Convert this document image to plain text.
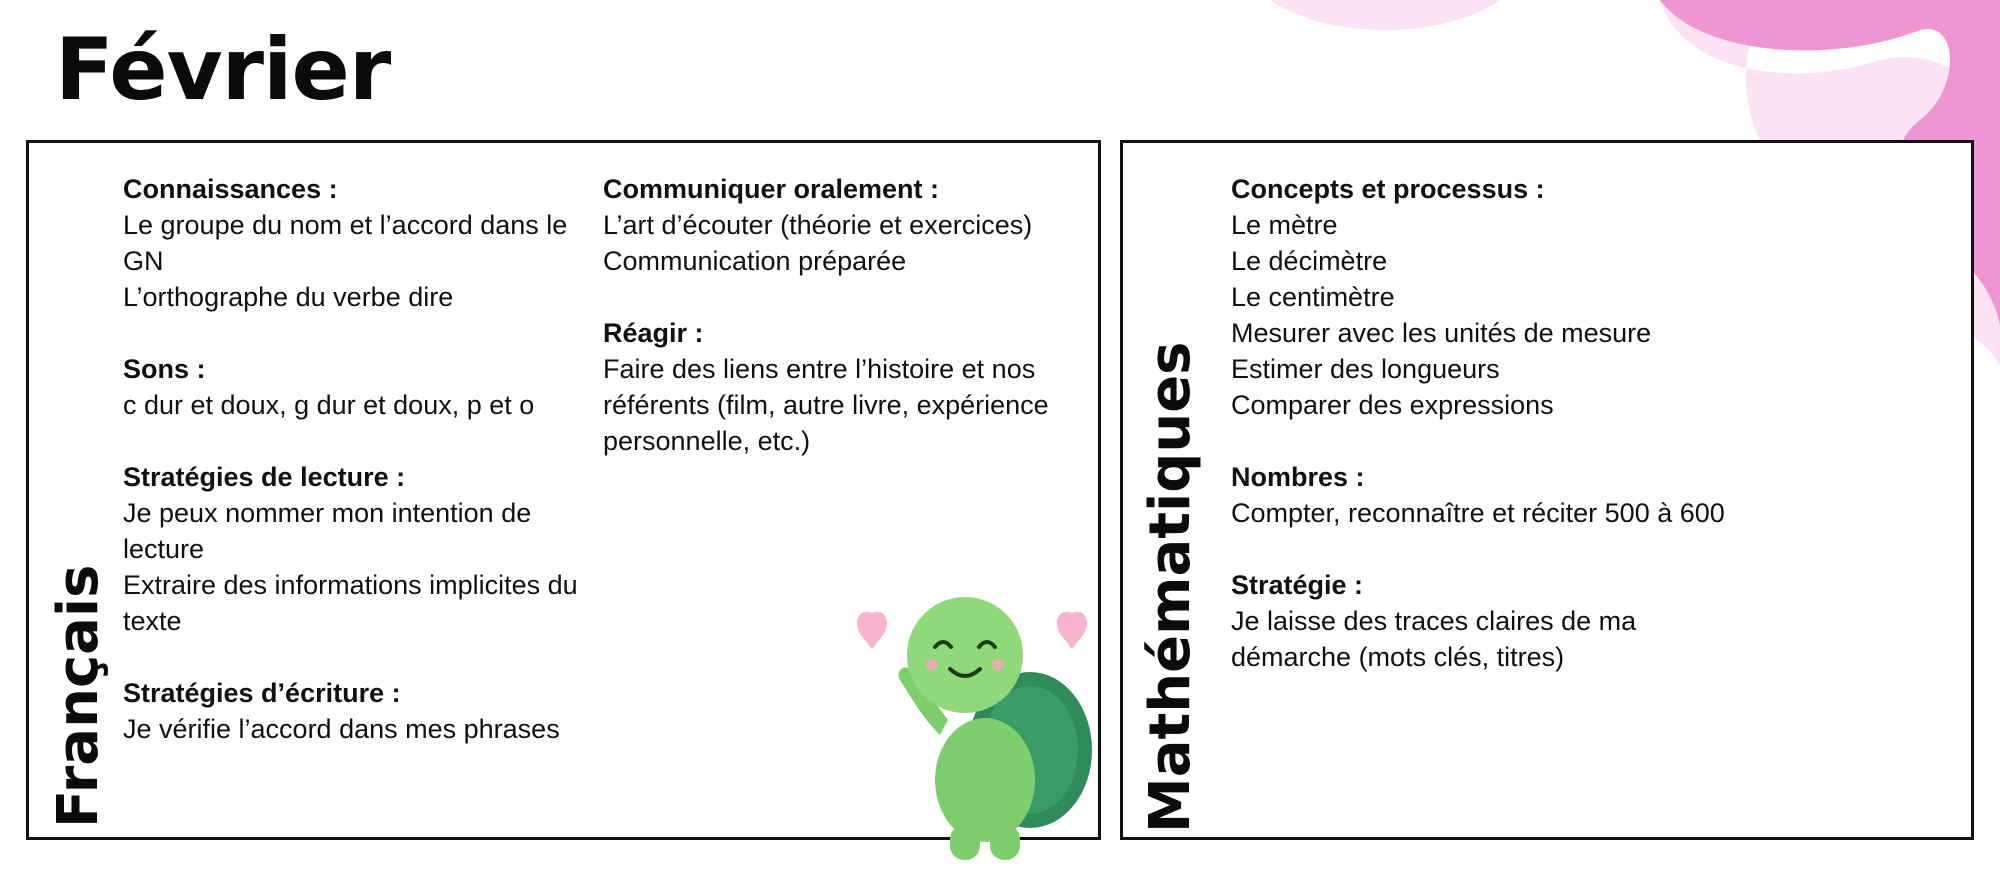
Février
Français
Connaissances :
Le groupe du nom et l’accord dans le GN
L’orthographe du verbe dire
Sons :
c dur et doux, g dur et doux, p et o
Stratégies de lecture :
Je peux nommer mon intention de lecture
Extraire des informations implicites du texte
Stratégies d’écriture :
Je vérifie l’accord dans mes phrases
Communiquer oralement :
L’art d’écouter (théorie et exercices)
Communication préparée
Réagir :
Faire des liens entre l’histoire et nos référents (film, autre livre, expérience personnelle, etc.)	Mathématiques
Concepts et processus :
Le mètre
Le décimètre
Le centimètre
Mesurer avec les unités de mesure
Estimer des longueurs
Comparer des expressions
Nombres :
Compter, reconnaître et réciter 500 à 600
Stratégie :
Je laisse des traces claires de ma démarche (mots clés, titres)
